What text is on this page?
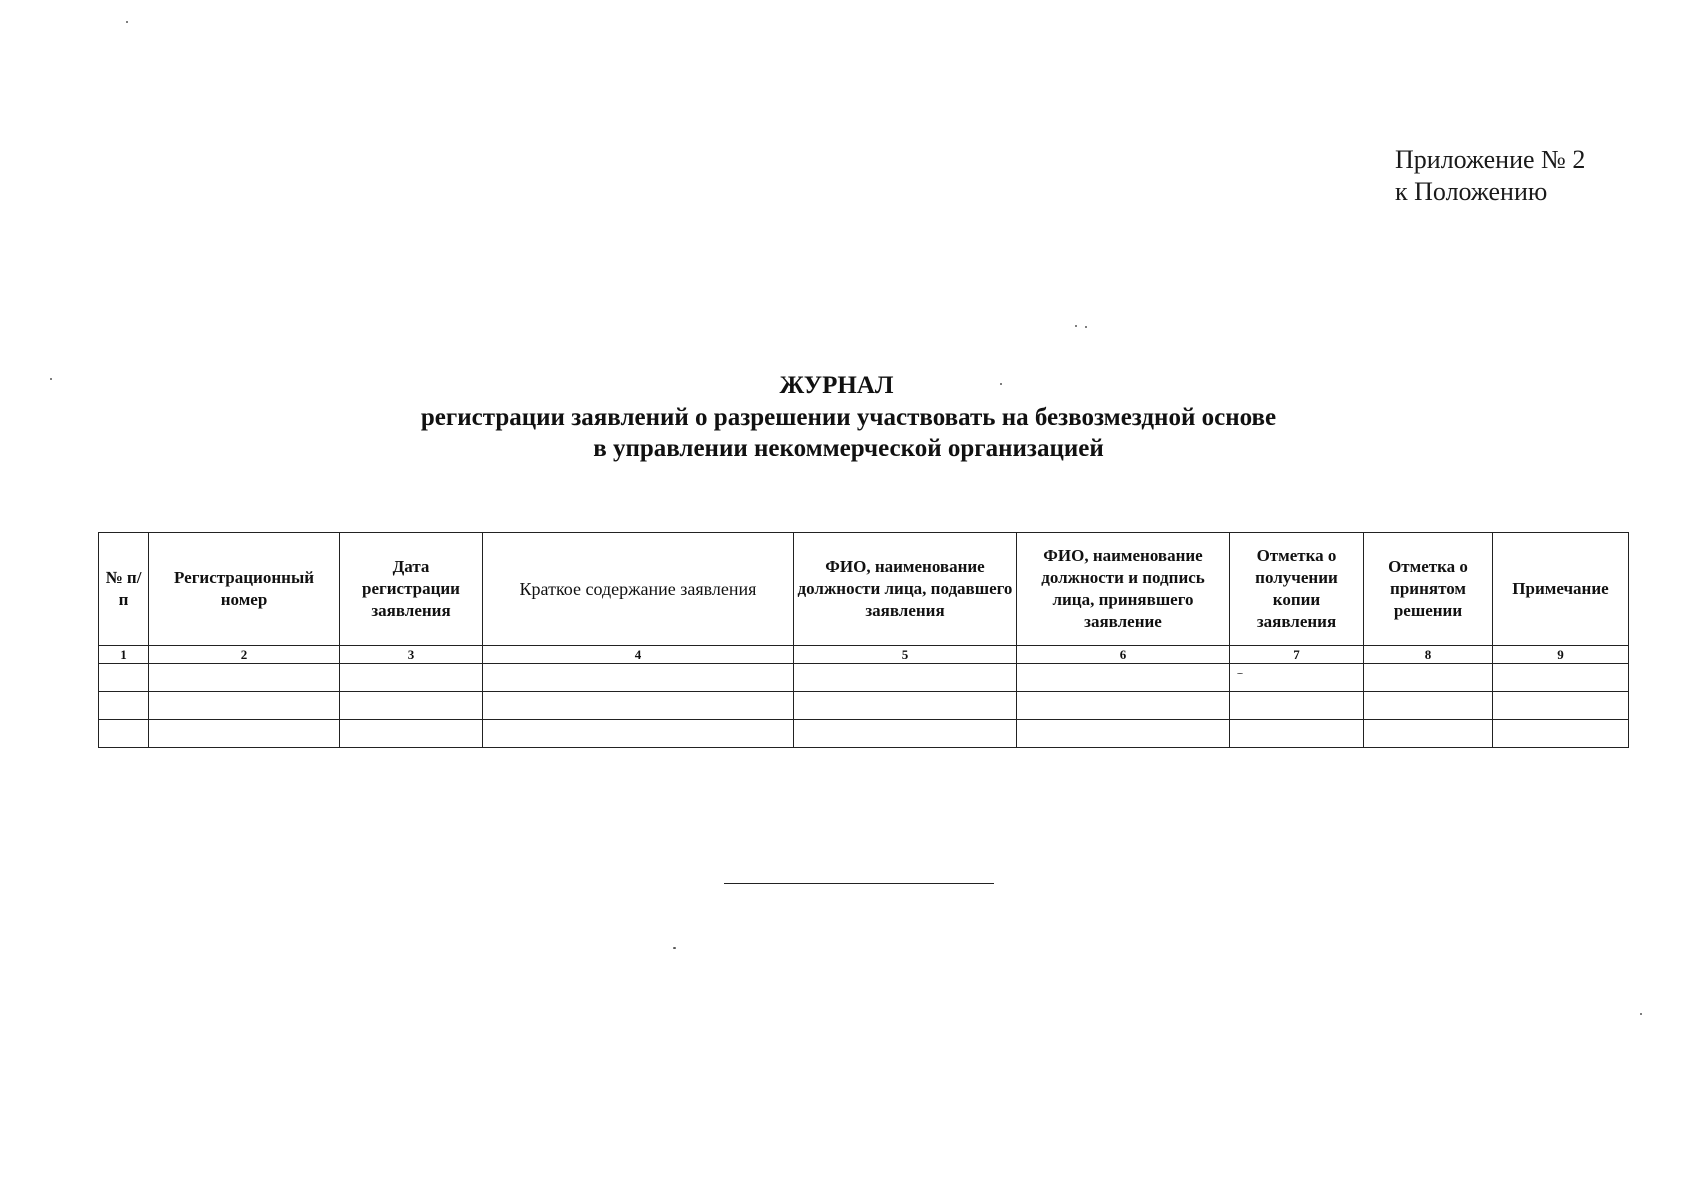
Приложение № 2
к Положению
ЖУРНАЛ
регистрации заявлений о разрешении участвовать на безвозмездной основе
в управлении некоммерческой организацией
№ п/п	Регистрационный номер	Дата регистрации заявления	Краткое содержание заявления	ФИО, наименование должности лица, подавшего заявления	ФИО, наименование должности и подпись лица, принявшего заявление	Отметка о получении копии заявления	Отметка о принятом решении	Примечание
1	2	3	4	5	6	7	8	9
